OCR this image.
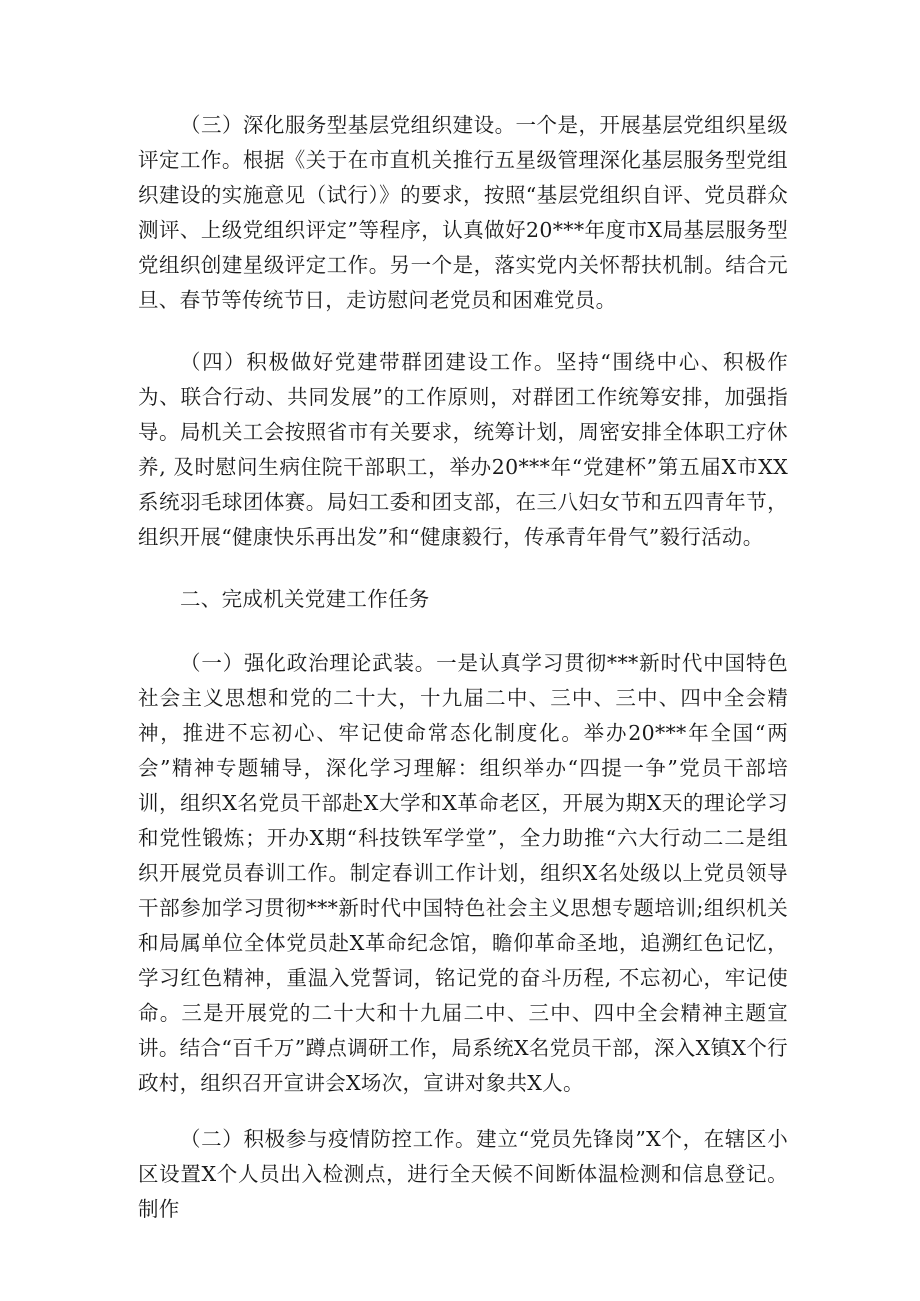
（三）深化服务型基层党组织建设。一个是，开展基层党组织星级评定工作。根据《关于在市直机关推行五星级管理深化基层服务型党组织建设的实施意见（试行）》的要求，按照“基层党组织自评、党员群众测评、上级党组织评定”等程序，认真做好20***年度市X局基层服务型党组织创建星级评定工作。另一个是，落实党内关怀帮扶机制。结合元旦、春节等传统节日，走访慰问老党员和困难党员。

（四）积极做好党建带群团建设工作。坚持“围绕中心、积极作为、联合行动、共同发展”的工作原则，对群团工作统筹安排，加强指导。局机关工会按照省市有关要求，统筹计划，周密安排全体职工疗休养, 及时慰问生病住院干部职工，举办20***年“党建杯”第五届X市XX系统羽毛球团体赛。局妇工委和团支部，在三八妇女节和五四青年节，组织开展“健康快乐再出发”和“健康毅行，传承青年骨气”毅行活动。

二、完成机关党建工作任务

（一）强化政治理论武装。一是认真学习贯彻***新时代中国特色社会主义思想和党的二十大，十九届二中、三中、三中、四中全会精神，推进不忘初心、牢记使命常态化制度化。举办20***年全国“两会”精神专题辅导，深化学习理解：组织举办“四提一争”党员干部培训，组织X名党员干部赴X大学和X革命老区，开展为期X天的理论学习和党性锻炼；开办X期“科技铁军学堂”，全力助推“六大行动二二是组织开展党员春训工作。制定春训工作计划，组织X名处级以上党员领导干部参加学习贯彻***新时代中国特色社会主义思想专题培训;组织机关和局属单位全体党员赴X革命纪念馆，瞻仰革命圣地，追溯红色记忆，学习红色精神，重温入党誓词，铭记党的奋斗历程, 不忘初心，牢记使命。三是开展党的二十大和十九届二中、三中、四中全会精神主题宣讲。结合“百千万”蹲点调研工作，局系统X名党员干部，深入X镇X个行政村，组织召开宣讲会X场次，宣讲对象共X人。

（二）积极参与疫情防控工作。建立“党员先锋岗”X个，在辖区小区设置X个人员出入检测点，进行全天候不间断体温检测和信息登记。制作
